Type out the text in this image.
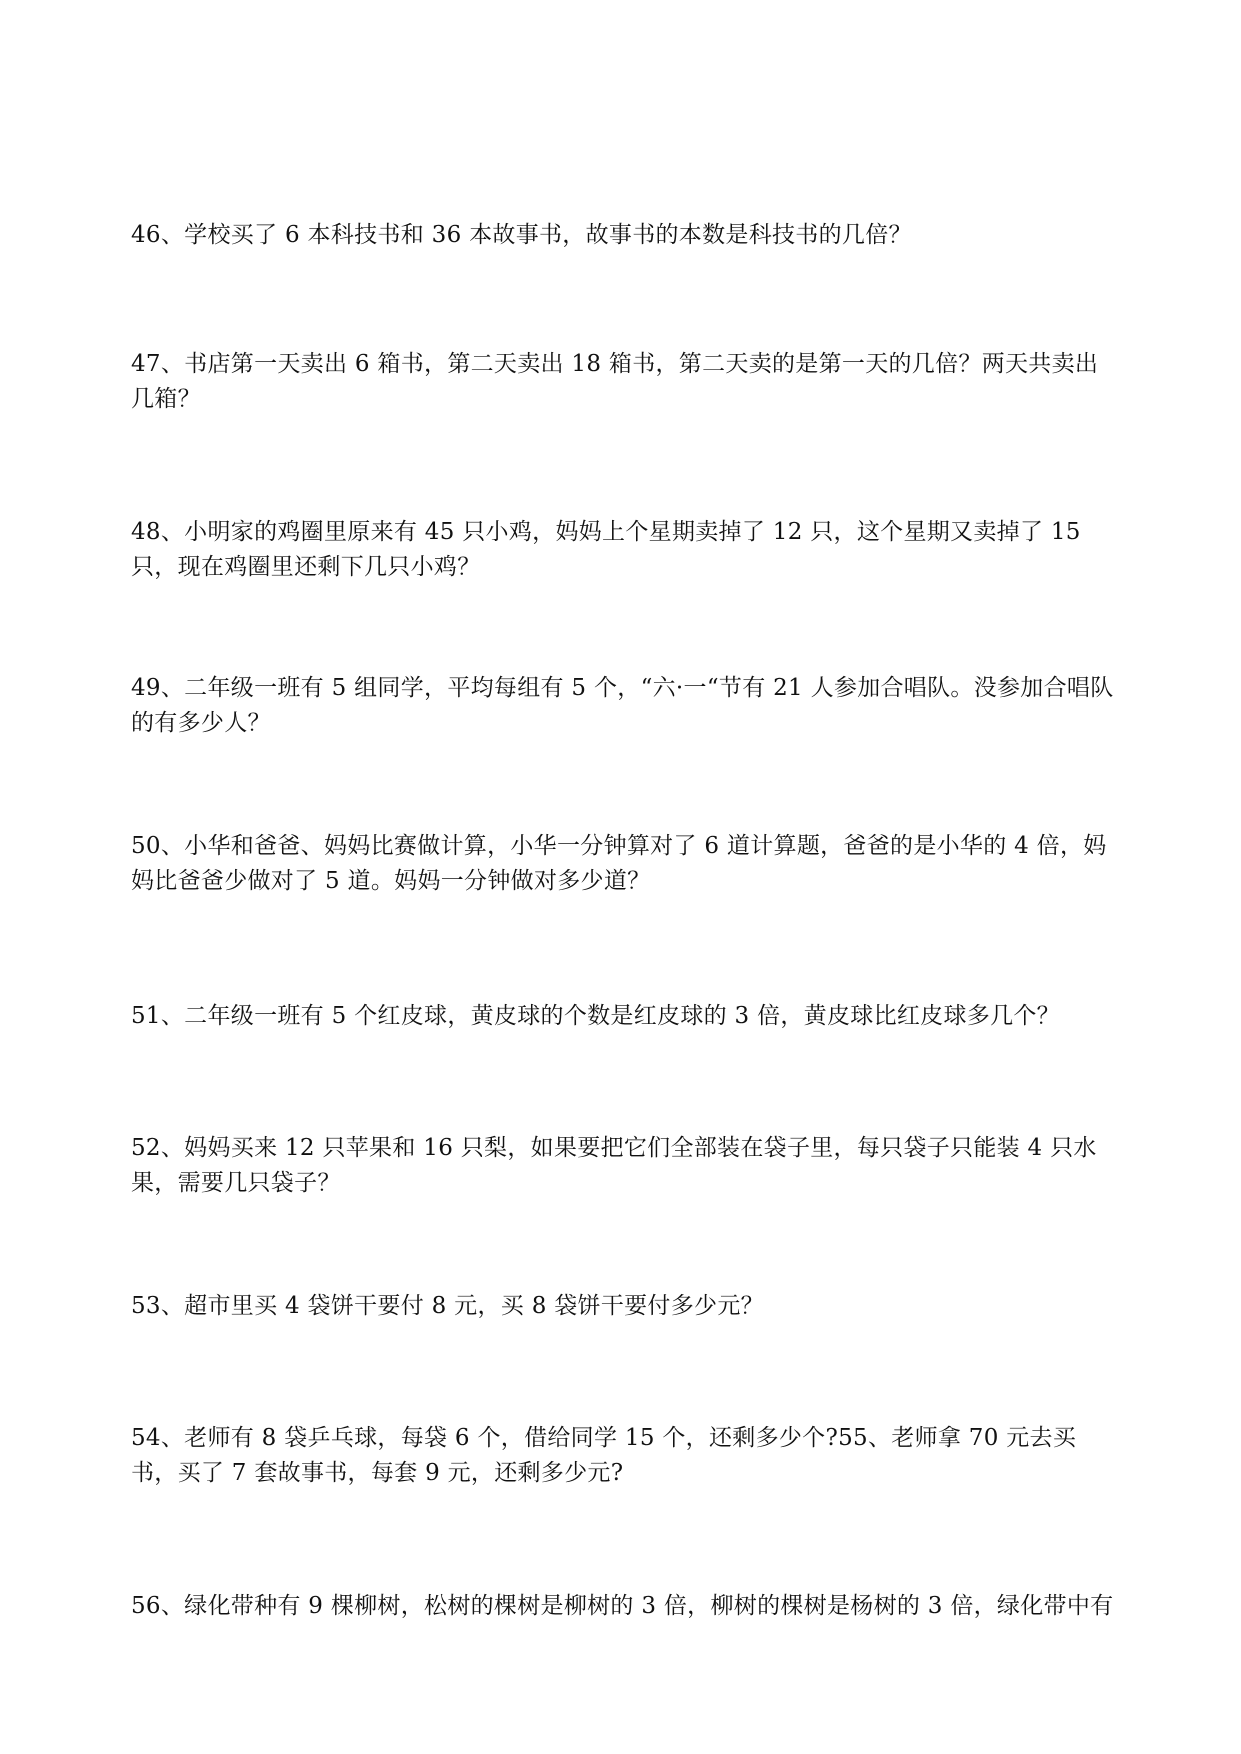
46、学校买了 6 本科技书和 36 本故事书，故事书的本数是科技书的几倍？
47、书店第一天卖出 6 箱书，第二天卖出 18 箱书，第二天卖的是第一天的几倍？两天共卖出几箱？
48、小明家的鸡圈里原来有 45 只小鸡，妈妈上个星期卖掉了 12 只，这个星期又卖掉了 15 只，现在鸡圈里还剩下几只小鸡？
49、二年级一班有 5 组同学，平均每组有 5 个，“六·一“节有 21 人参加合唱队。没参加合唱队的有多少人？
50、小华和爸爸、妈妈比赛做计算，小华一分钟算对了 6 道计算题，爸爸的是小华的 4 倍，妈妈比爸爸少做对了 5 道。妈妈一分钟做对多少道？
51、二年级一班有 5 个红皮球，黄皮球的个数是红皮球的 3 倍，黄皮球比红皮球多几个？
52、妈妈买来 12 只苹果和 16 只梨，如果要把它们全部装在袋子里，每只袋子只能装 4 只水果，需要几只袋子？
53、超市里买 4 袋饼干要付 8 元，买 8 袋饼干要付多少元？
54、老师有 8 袋乒乓球，每袋 6 个，借给同学 15 个，还剩多少个?55、老师拿 70 元去买书，买了 7 套故事书，每套 9 元，还剩多少元?
56、绿化带种有 9 棵柳树，松树的棵树是柳树的 3 倍，柳树的棵树是杨树的 3 倍，绿化带中有
